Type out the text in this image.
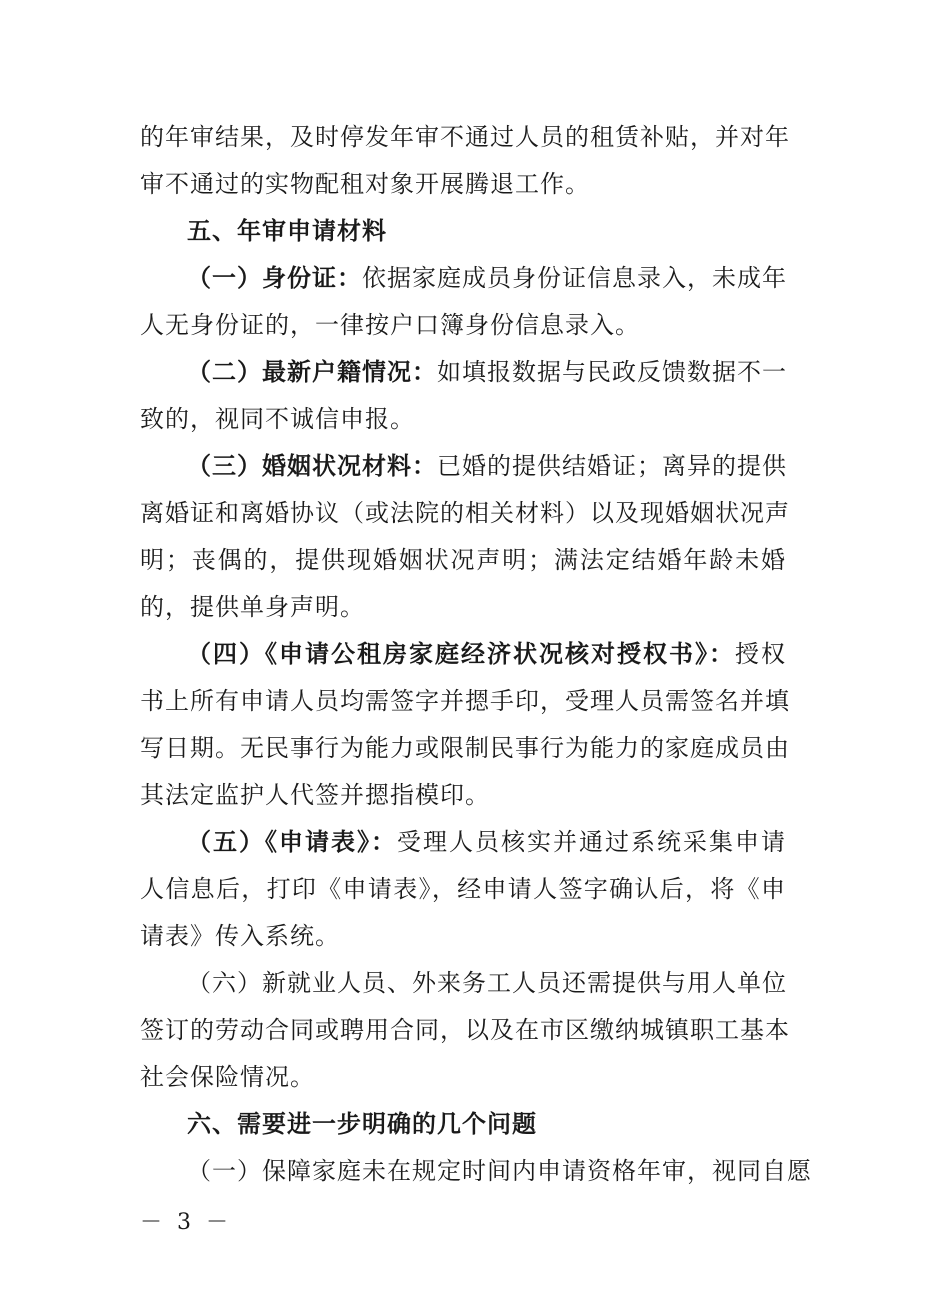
的年审结果，及时停发年审不通过人员的租赁补贴，并对年
审不通过的实物配租对象开展腾退工作。
五、年审申请材料
（一）身份证：依据家庭成员身份证信息录入，未成年
人无身份证的，一律按户口簿身份信息录入。
（二）最新户籍情况：如填报数据与民政反馈数据不一
致的，视同不诚信申报。
（三）婚姻状况材料：已婚的提供结婚证；离异的提供
离婚证和离婚协议（或法院的相关材料）以及现婚姻状况声
明；丧偶的，提供现婚姻状况声明；满法定结婚年龄未婚
的，提供单身声明。
（四）《申请公租房家庭经济状况核对授权书》：授权
书上所有申请人员均需签字并摁手印，受理人员需签名并填
写日期。无民事行为能力或限制民事行为能力的家庭成员由
其法定监护人代签并摁指模印。
（五）《申请表》：受理人员核实并通过系统采集申请
人信息后，打印《申请表》，经申请人签字确认后，将《申
请表》传入系统。
（六）新就业人员、外来务工人员还需提供与用人单位
签订的劳动合同或聘用合同，以及在市区缴纳城镇职工基本
社会保险情况。
六、需要进一步明确的几个问题
（一）保障家庭未在规定时间内申请资格年审，视同自愿
－ 3 －
